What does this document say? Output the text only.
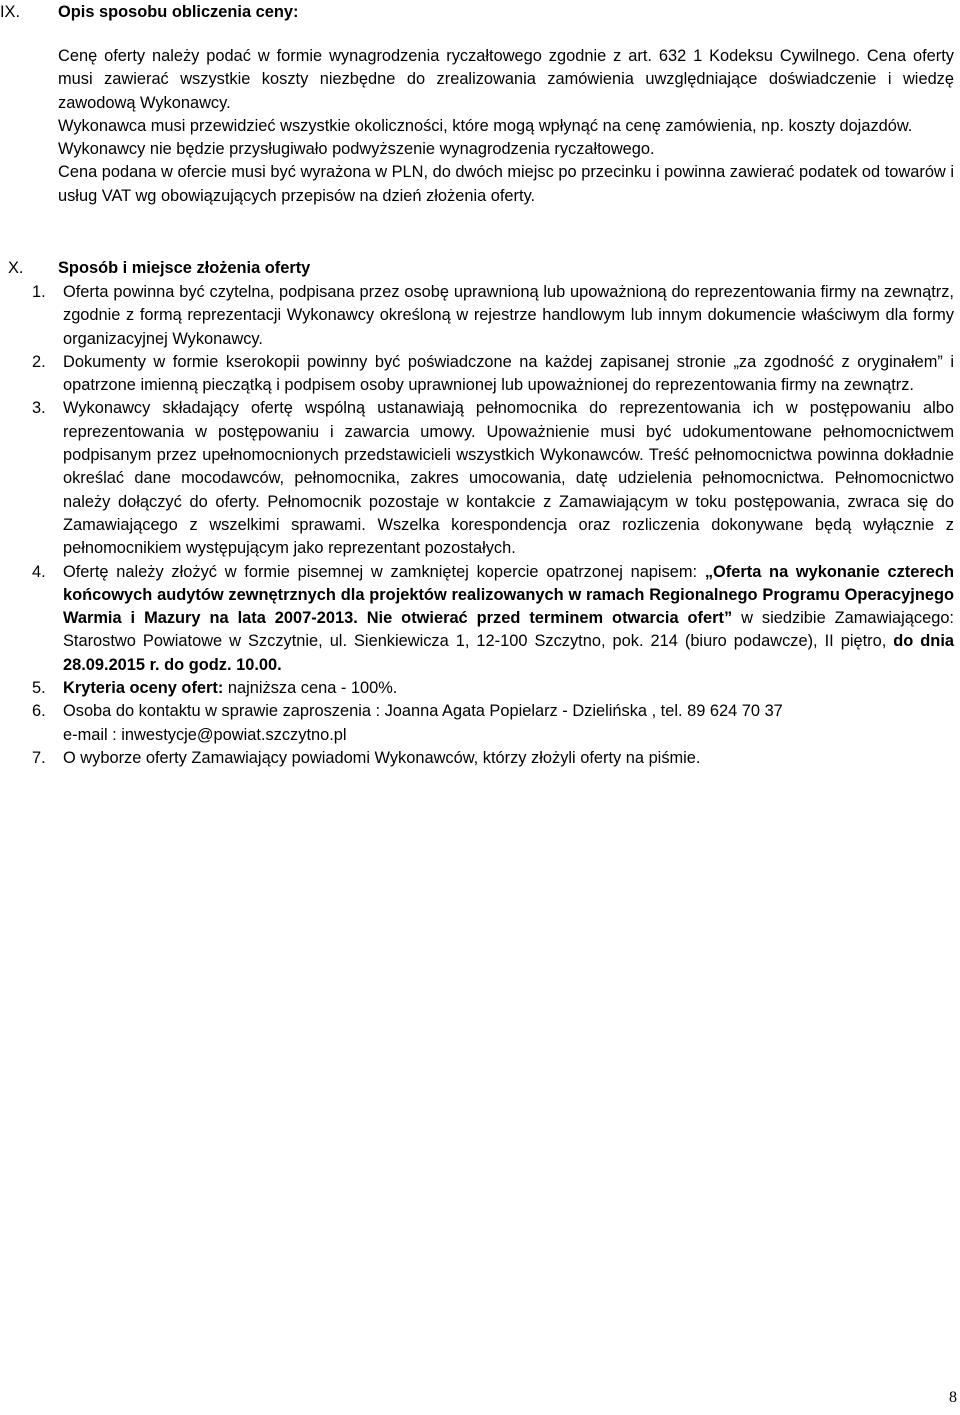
IX.	Opis sposobu obliczenia ceny:

Cenę oferty należy podać w formie wynagrodzenia ryczałtowego zgodnie z art. 632 1 Kodeksu Cywilnego. Cena oferty musi zawierać wszystkie koszty niezbędne do zrealizowania zamówienia uwzględniające doświadczenie i wiedzę zawodową Wykonawcy.

Wykonawca musi przewidzieć wszystkie okoliczności, które mogą wpłynąć na cenę zamówienia, np. koszty dojazdów.

Wykonawcy nie będzie przysługiwało podwyższenie wynagrodzenia ryczałtowego.

Cena podana w ofercie musi być wyrażona w PLN, do dwóch miejsc po przecinku i powinna zawierać podatek od towarów i usług VAT wg obowiązujących przepisów na dzień złożenia oferty.

X.	Sposób i miejsce złożenia oferty
1. Oferta powinna być czytelna, podpisana przez osobę uprawnioną lub upoważnioną do reprezentowania firmy na zewnątrz, zgodnie z formą reprezentacji Wykonawcy określoną w rejestrze handlowym lub innym dokumencie właściwym dla formy organizacyjnej Wykonawcy.
2. Dokumenty w formie kserokopii powinny być poświadczone na każdej zapisanej stronie „za zgodność z oryginałem” i opatrzone imienną pieczątką i podpisem osoby uprawnionej lub upoważnionej do reprezentowania firmy na zewnątrz.
3. Wykonawcy składający ofertę wspólną ustanawiają pełnomocnika do reprezentowania ich w postępowaniu albo reprezentowania w postępowaniu i zawarcia umowy. Upoważnienie musi być udokumentowane pełnomocnictwem podpisanym przez upełnomocnionych przedstawicieli wszystkich Wykonawców. Treść pełnomocnictwa powinna dokładnie określać dane mocodawców, pełnomocnika, zakres umocowania, datę udzielenia pełnomocnictwa. Pełnomocnictwo należy dołączyć do oferty. Pełnomocnik pozostaje w kontakcie z Zamawiającym w toku postępowania, zwraca się do Zamawiającego z wszelkimi sprawami. Wszelka korespondencja oraz rozliczenia dokonywane będą wyłącznie z pełnomocnikiem występującym jako reprezentant pozostałych.
4. Ofertę należy złożyć w formie pisemnej w zamkniętej kopercie opatrzonej napisem: „Oferta na wykonanie czterech końcowych audytów zewnętrznych dla projektów realizowanych w ramach Regionalnego Programu Operacyjnego Warmia i Mazury na lata 2007-2013. Nie otwierać przed terminem otwarcia ofert” w siedzibie Zamawiającego: Starostwo Powiatowe w Szczytnie, ul. Sienkiewicza 1, 12-100 Szczytno, pok. 214 (biuro podawcze), II piętro, do dnia 28.09.2015 r. do godz. 10.00.
5. Kryteria oceny ofert: najniższa cena - 100%.
6. Osoba do kontaktu w sprawie zaproszenia : Joanna Agata Popielarz - Dzielińska , tel. 89 624 70 37
e-mail : inwestycje@powiat.szczytno.pl
7. O wyborze oferty Zamawiający powiadomi Wykonawców, którzy złożyli oferty na piśmie.
8
